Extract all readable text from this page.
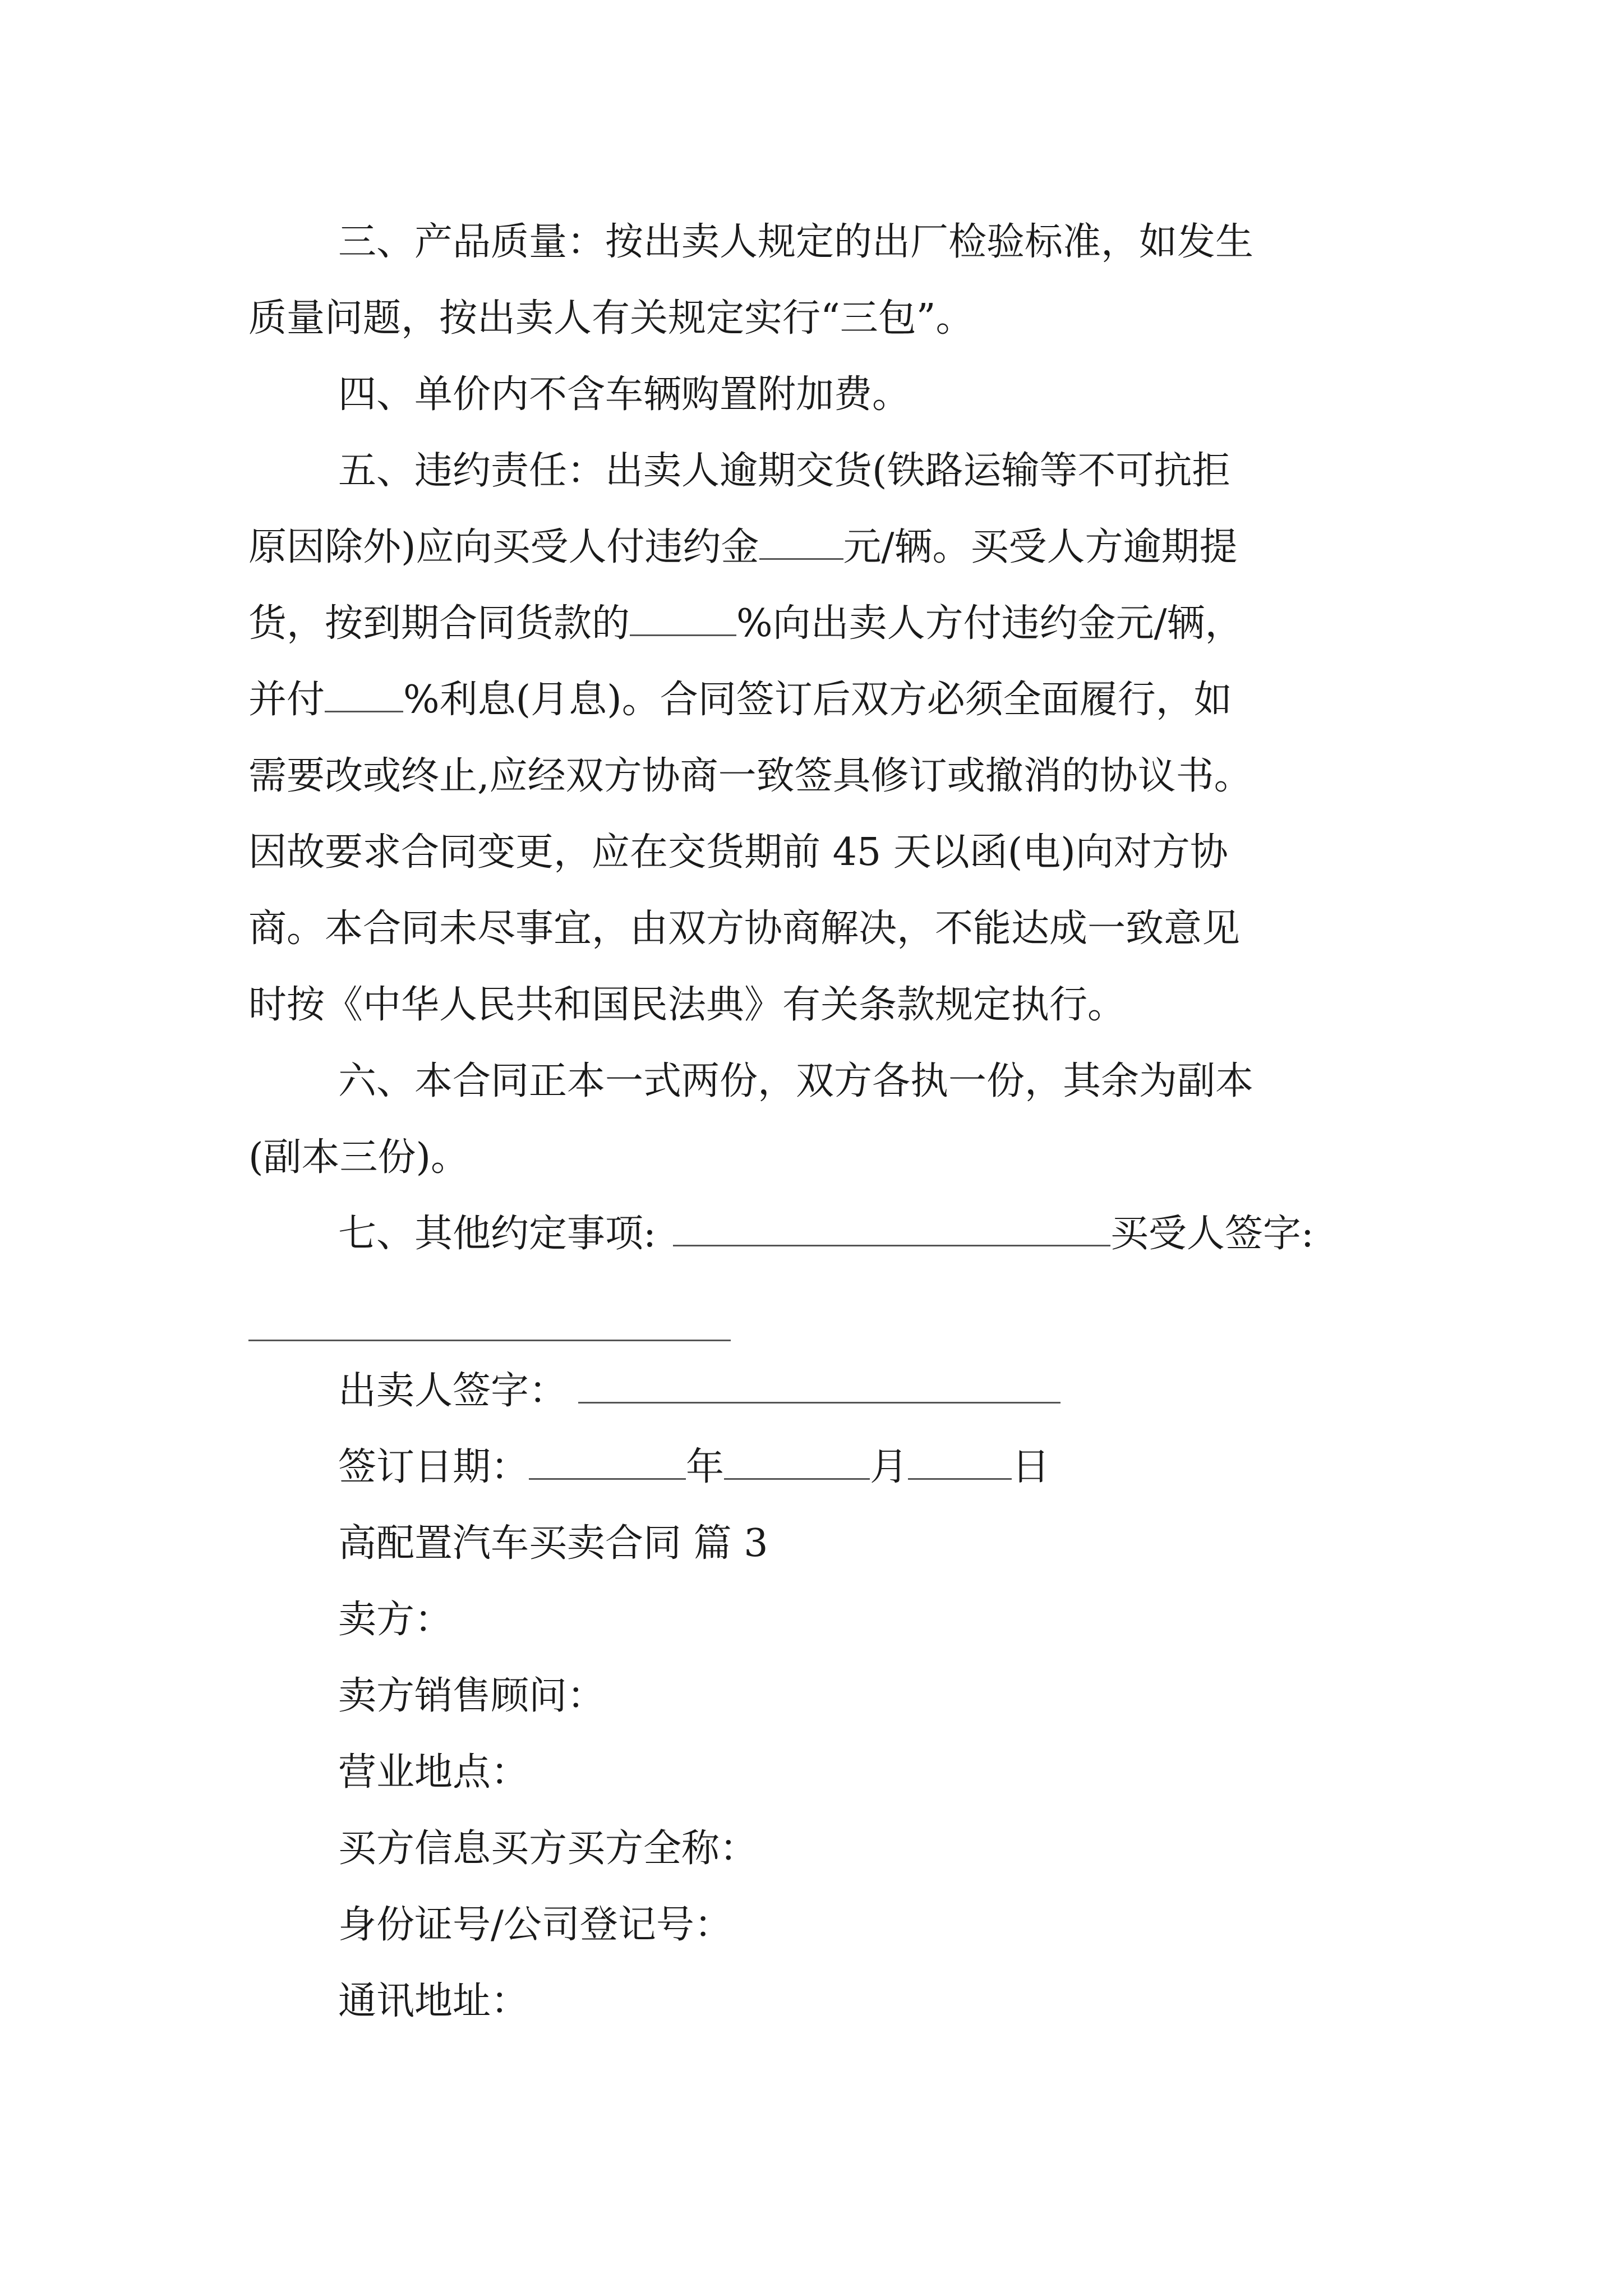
三、产品质量：按出卖人规定的出厂检验标准，如发生
质量问题，按出卖人有关规定实行“三包”。
四、单价内不含车辆购置附加费。
五、违约责任：出卖人逾期交货(铁路运输等不可抗拒
原因除外)应向买受人付违约金 元/辆。买受人方逾期提
货，按到期合同货款的	%向出卖人方付违约金元/辆，
并付 %利息(月息)。合同签订后双方必须全面履行，如
需要改或终止,应经双方协商一致签具修订或撤消的协议书。
因故要求合同变更，应在交货期前 45 天以函(电)向对方协
商。本合同未尽事宜，由双方协商解决，不能达成一致意见
时按《中华人民共和国民法典》有关条款规定执行。
六、本合同正本一式两份，双方各执一份，其余为副本
(副本三份)。
七、其他约定事项:	买受人签字:
出卖人签字：
签订日期：	年	月	日
高配置汽车买卖合同 篇 3
卖方：
卖方销售顾问：
营业地点：
买方信息买方买方全称：
身份证号/公司登记号：
通讯地址：
